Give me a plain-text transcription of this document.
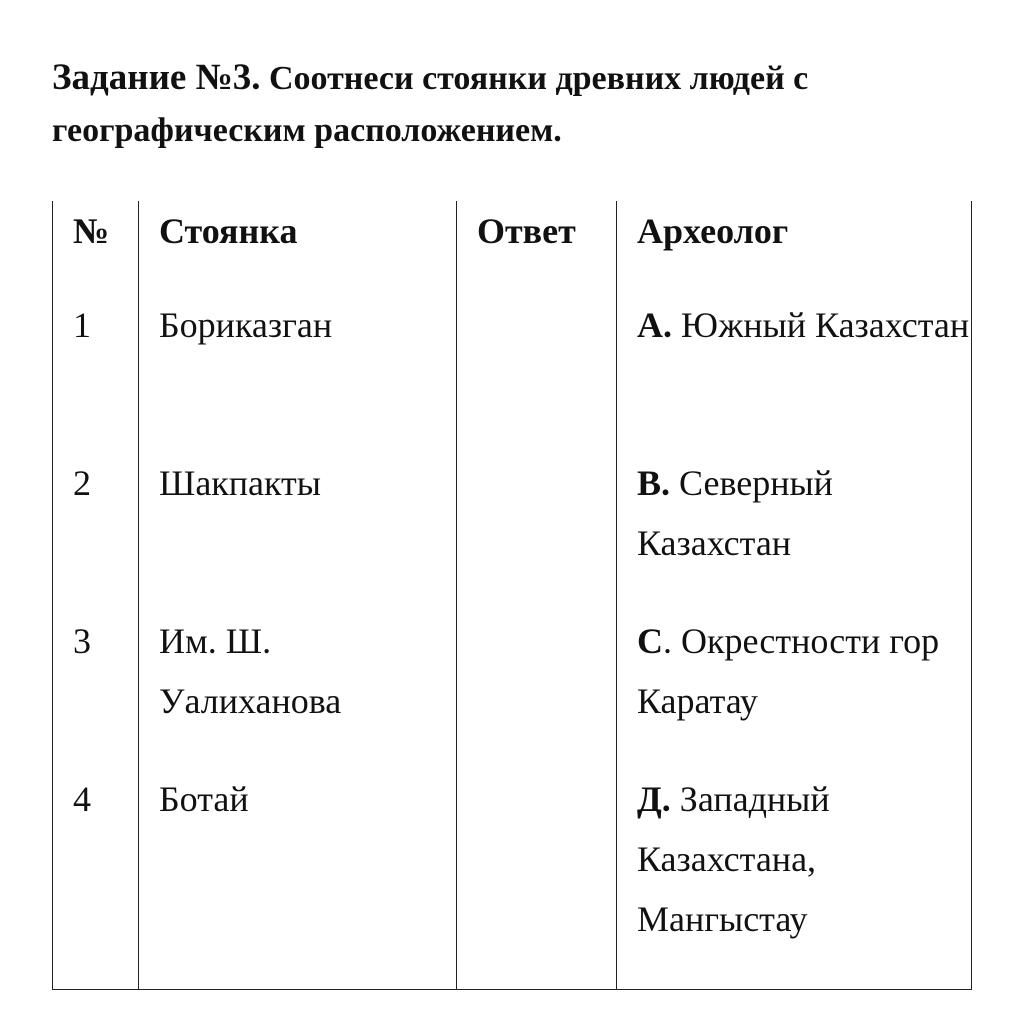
Задание №3. Соотнеси стоянки древних людей с географическим расположением.

№	Стоянка	Ответ	Археолог
1	Бориказган		А. Южный Казахстан
2	Шакпакты		В. Северный Казахстан
3	Им. Ш. Уалиханова		С. Окрестности гор Каратау
4	Ботай		Д. Западный Казахстана, Мангыстау
